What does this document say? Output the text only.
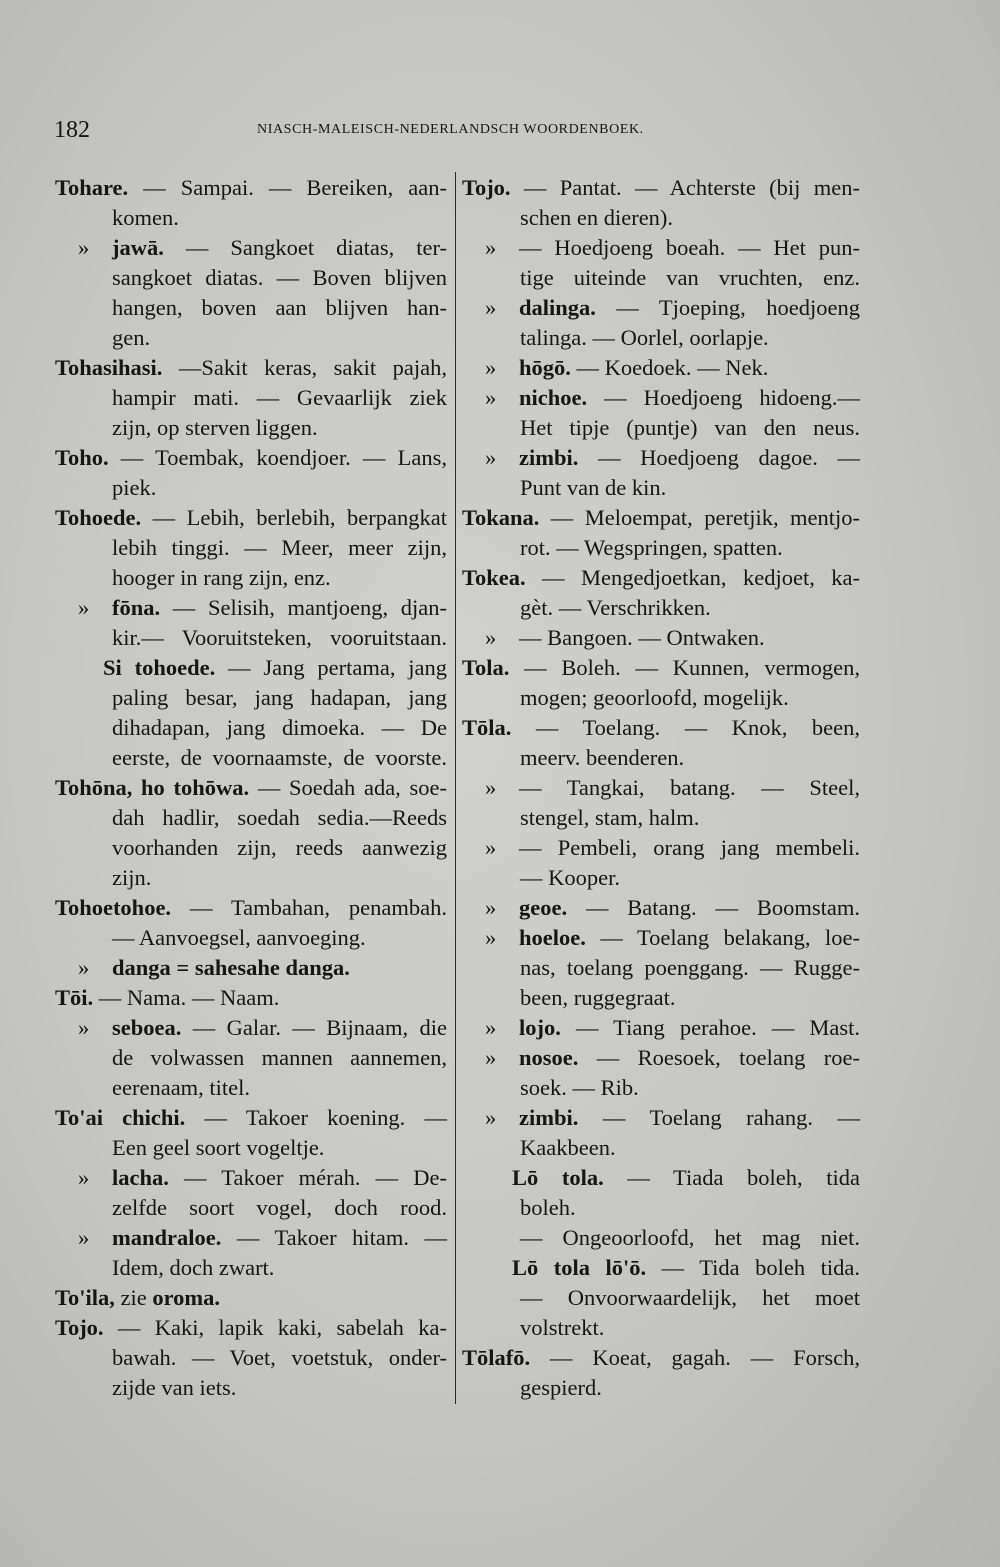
182	NIASCH-MALEISCH-NEDERLANDSCH WOORDENBOEK.
Tohare. — Sampai. — Bereiken, aan-
komen.
» jawā. — Sangkoet diatas, ter-
sangkoet diatas. — Boven blijven
hangen, boven aan blijven han-
gen.
Tohasihasi. —Sakit keras, sakit pajah,
hampir mati. — Gevaarlijk ziek
zijn, op sterven liggen.
Toho. — Toembak, koendjoer. — Lans,
piek.
Tohoede. — Lebih, berlebih, berpangkat
lebih tinggi. — Meer, meer zijn,
hooger in rang zijn, enz.
» fōna. — Selisih, mantjoeng, djan-
kir.— Vooruitsteken, vooruitstaan.
Si tohoede. — Jang pertama, jang
paling besar, jang hadapan, jang
dihadapan, jang dimoeka. — De
eerste, de voornaamste, de voorste.
Tohōna, ho tohōwa. — Soedah ada, soe-
dah hadlir, soedah sedia.—Reeds
voorhanden zijn, reeds aanwezig
zijn.
Tohoetohoe. — Tambahan, penambah.
— Aanvoegsel, aanvoeging.
» danga = sahesahe danga.
Tōi. — Nama. — Naam.
» seboea. — Galar. — Bijnaam, die
de volwassen mannen aannemen,
eerenaam, titel.
To'ai chichi. — Takoer koening. —
Een geel soort vogeltje.
» lacha. — Takoer mérah. — De-
zelfde soort vogel, doch rood.
» mandraloe. — Takoer hitam. —
Idem, doch zwart.
To'ila, zie oroma.
Tojo. — Kaki, lapik kaki, sabelah ka-
bawah. — Voet, voetstuk, onder-
zijde van iets.
Tojo. — Pantat. — Achterste (bij men-
schen en dieren).
» — Hoedjoeng boeah. — Het pun-
tige uiteinde van vruchten, enz.
» dalinga. — Tjoeping, hoedjoeng
talinga. — Oorlel, oorlapje.
» hōgō. — Koedoek. — Nek.
» nichoe. — Hoedjoeng hidoeng.—
Het tipje (puntje) van den neus.
» zimbi. — Hoedjoeng dagoe. —
Punt van de kin.
Tokana. — Meloempat, peretjik, mentjo-
rot. — Wegspringen, spatten.
Tokea. — Mengedjoetkan, kedjoet, ka-
gèt. — Verschrikken.
» — Bangoen. — Ontwaken.
Tola. — Boleh. — Kunnen, vermogen,
mogen; geoorloofd, mogelijk.
Tōla. — Toelang. — Knok, been,
meerv. beenderen.
» — Tangkai, batang. — Steel,
stengel, stam, halm.
» — Pembeli, orang jang membeli.
— Kooper.
» geoe. — Batang. — Boomstam.
» hoeloe. — Toelang belakang, loe-
nas, toelang poenggang. — Rugge-
been, ruggegraat.
» lojo. — Tiang perahoe. — Mast.
» nosoe. — Roesoek, toelang roe-
soek. — Rib.
» zimbi. — Toelang rahang. —
Kaakbeen.
Lō tola. — Tiada boleh, tida
boleh.
— Ongeoorloofd, het mag niet.
Lō tola lō'ō. — Tida boleh tida.
— Onvoorwaardelijk, het moet
volstrekt.
Tōlafō. — Koeat, gagah. — Forsch,
gespierd.
